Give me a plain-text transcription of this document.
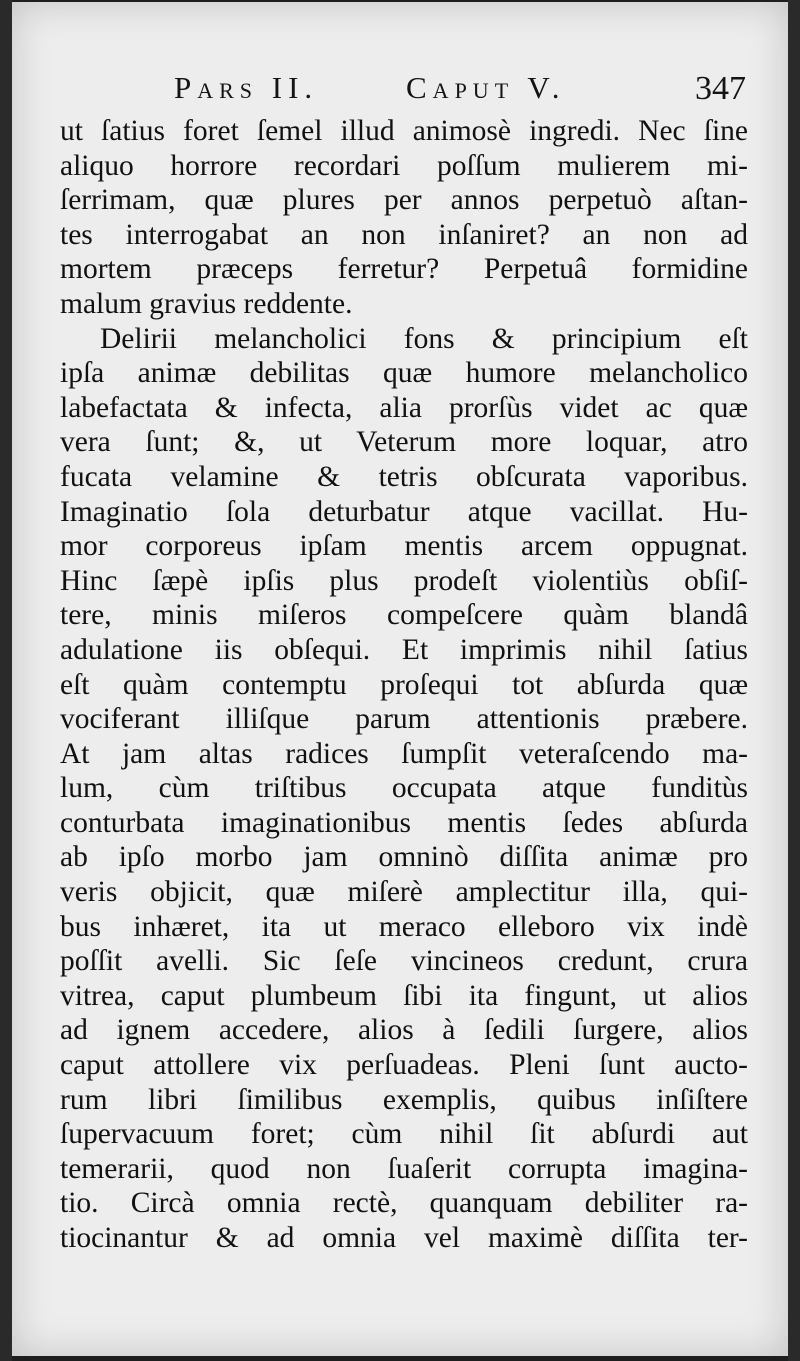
Pars II.	Caput V.	347
ut ſatius foret ſemel illud animosè ingredi. Nec ſine
aliquo horrore recordari poſſum mulierem mi-
ſerrimam, quæ plures per annos perpetuò aſtan-
tes interrogabat an non inſaniret? an non ad
mortem præceps ferretur? Perpetuâ formidine
malum gravius reddente.
Delirii melancholici fons & principium eſt
ipſa animæ debilitas quæ humore melancholico
labefactata & infecta, alia prorſùs videt ac quæ
vera ſunt; &, ut Veterum more loquar, atro
fucata velamine & tetris obſcurata vaporibus.
Imaginatio ſola deturbatur atque vacillat. Hu-
mor corporeus ipſam mentis arcem oppugnat.
Hinc ſæpè ipſis plus prodeſt violentiùs obſiſ-
tere, minis miſeros compeſcere quàm blandâ
adulatione iis obſequi. Et imprimis nihil ſatius
eſt quàm contemptu proſequi tot abſurda quæ
vociferant illiſque parum attentionis præbere.
At jam altas radices ſumpſit veteraſcendo ma-
lum, cùm triſtibus occupata atque funditùs
conturbata imaginationibus mentis ſedes abſurda
ab ipſo morbo jam omninò diſſita animæ pro
veris objicit, quæ miſerè amplectitur illa, qui-
bus inhæret, ita ut meraco elleboro vix indè
poſſit avelli. Sic ſeſe vincineos credunt, crura
vitrea, caput plumbeum ſibi ita fingunt, ut alios
ad ignem accedere, alios à ſedili ſurgere, alios
caput attollere vix perſuadeas. Pleni ſunt aucto-
rum libri ſimilibus exemplis, quibus inſiſtere
ſupervacuum foret; cùm nihil ſit abſurdi aut
temerarii, quod non ſuaſerit corrupta imagina-
tio. Circà omnia rectè, quanquam debiliter ra-
tiocinantur & ad omnia vel maximè diſſita ter-
